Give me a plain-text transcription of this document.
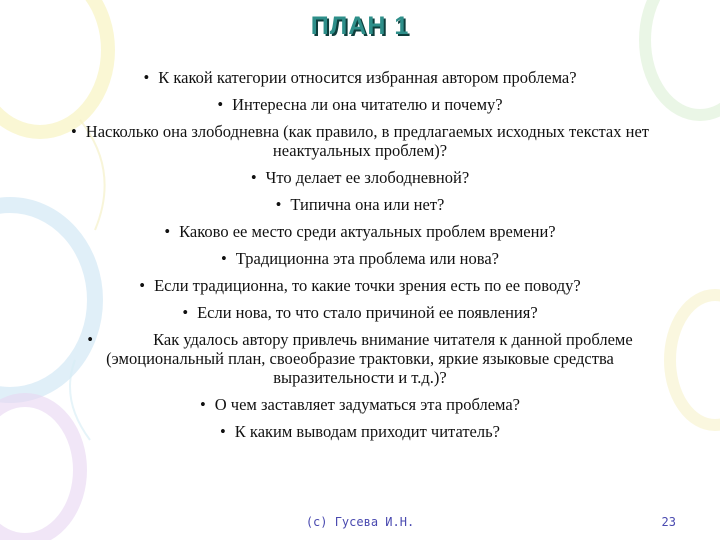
ПЛАН 1
• К какой категории относится избранная автором проблема?
• Интересна ли она читателю и почему?
• Насколько она злободневна (как правило, в предлагаемых исходных текстах нет неактуальных проблем)?
• Что делает ее злободневной?
• Типична она или нет?
• Каково ее место среди актуальных проблем времени?
• Традиционна эта проблема или нова?
• Если традиционна, то какие точки зрения есть по ее поводу?
• Если нова, то что стало причиной ее появления?
•	Как удалось автору привлечь внимание читателя к данной проблеме (эмоциональный план, своеобразие трактовки, яркие языковые средства выразительности и т.д.)?
• О чем заставляет задуматься эта проблема?
• К каким выводам приходит читатель?
(c) Гусева И.Н.	23
